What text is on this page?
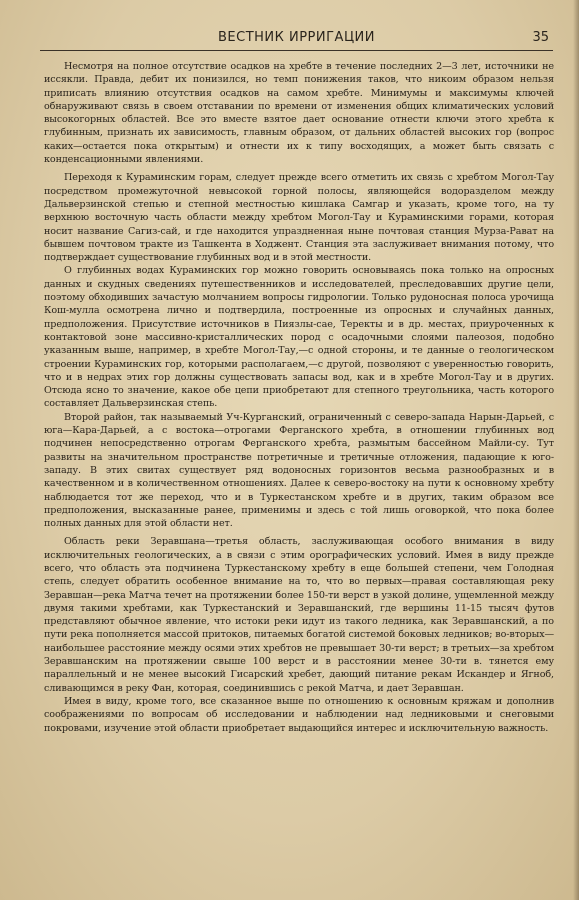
ВЕСТНИК ИРРИГАЦИИ	35

Несмотря на полное отсутствие осадков на хребте в течение последних 2—3 лет, источники не иссякли. Правда, дебит их понизился, но темп понижения таков, что никоим образом нельзя приписать влиянию отсутствия осадков на самом хребте. Минимумы и максимумы ключей обнаруживают связь в своем отставании по времени от изменения общих климатических условий высокогорных областей. Все это вместе взятое дает основание отнести ключи этого хребта к глубинным, признать их зависимость, главным образом, от дальних областей высоких гор (вопрос каких—остается пока открытым) и отнести их к типу восходящих, а может быть связать с конденсационными явлениями.

Переходя к Кураминским горам, следует прежде всего отметить их связь с хребтом Могол-Тау посредством промежуточной невысокой горной полосы, являющейся водоразделом между Дальверзинской степью и степной местностью кишлака Самгар и указать, кроме того, на ту верхнюю восточную часть области между хребтом Могол-Тау и Кураминскими горами, которая носит название Сагиз-сай, и где находится упраздненная ныне почтовая станция Мурза-Рават на бывшем почтовом тракте из Ташкента в Ходжент. Станция эта заслуживает внимания потому, что подтверждает существование глубинных вод и в этой местности.

О глубинных водах Кураминских гор можно говорить основываясь пока только на опросных данных и скудных сведениях путешественников и исследователей, преследовавших другие цели, поэтому обходивших зачастую молчанием вопросы гидрологии. Только рудоносная полоса урочища Кош-мулла осмотрена лично и подтвердила, построенные из опросных и случайных данных, предположения. Присутствие источников в Пиязлы-сае, Теректы и в др. местах, приуроченных к контактовой зоне массивно-кристаллических пород с осадочными слоями палеозоя, подобно указанным выше, например, в хребте Могол-Тау,—с одной стороны, и те данные о геологическом строении Кураминских гор, которыми располагаем,—с другой, позволяют с уверенностью говорить, что и в недрах этих гор должны существовать запасы вод, как и в хребте Могол-Тау и в других. Отсюда ясно то значение, какое обе цепи приобретают для степного треугольника, часть которого составляет Дальверзинская степь.

Второй район, так называемый Уч-Курганский, ограниченный с северо-запада Нарын-Дарьей, с юга—Кара-Дарьей, а с востока—отрогами Ферганского хребта, в отношении глубинных вод подчинен непосредственно отрогам Ферганского хребта, размытым бассейном Майли-су. Тут развиты на значительном пространстве потретичные и третичные отложения, падающие к юго-западу. В этих свитах существует ряд водоносных горизонтов весьма разнообразных и в качественном и в количественном отношениях. Далее к северо-востоку на пути к основному хребту наблюдается тот же переход, что и в Туркестанском хребте и в других, таким образом все предположения, высказанные ранее, применимы и здесь с той лишь оговоркой, что пока более полных данных для этой области нет.

Область реки Зеравшана—третья область, заслуживающая особого внимания в виду исключительных геологических, а в связи с этим орографических условий. Имея в виду прежде всего, что область эта подчинена Туркестанскому хребту в еще большей степени, чем Голодная степь, следует обратить особенное внимание на то, что во первых—правая составляющая реку Зеравшан—река Матча течет на протяжении более 150-ти верст в узкой долине, ущемленной между двумя такими хребтами, как Туркестанский и Зеравшанский, где вершины 11-15 тысяч футов представляют обычное явление, что истоки реки идут из такого ледника, как Зеравшанский, а по пути река пополняется массой притоков, питаемых богатой системой боковых ледников; во-вторых—наибольшее расстояние между осями этих хребтов не превышает 30-ти верст; в третьих—за хребтом Зеравшанским на протяжении свыше 100 верст и в расстоянии менее 30-ти в. тянется ему параллельный и не менее высокий Гисарский хребет, дающий питание рекам Искандер и Ягноб, сливающимся в реку Фан, которая, соединившись с рекой Матча, и дает Зеравшан.

Имея в виду, кроме того, все сказанное выше по отношению к основным кряжам и дополнив соображениями по вопросам об исследовании и наблюдении над ледниковыми и снеговыми покровами, изучение этой области приобретает выдающийся интерес и исключительную важность.
